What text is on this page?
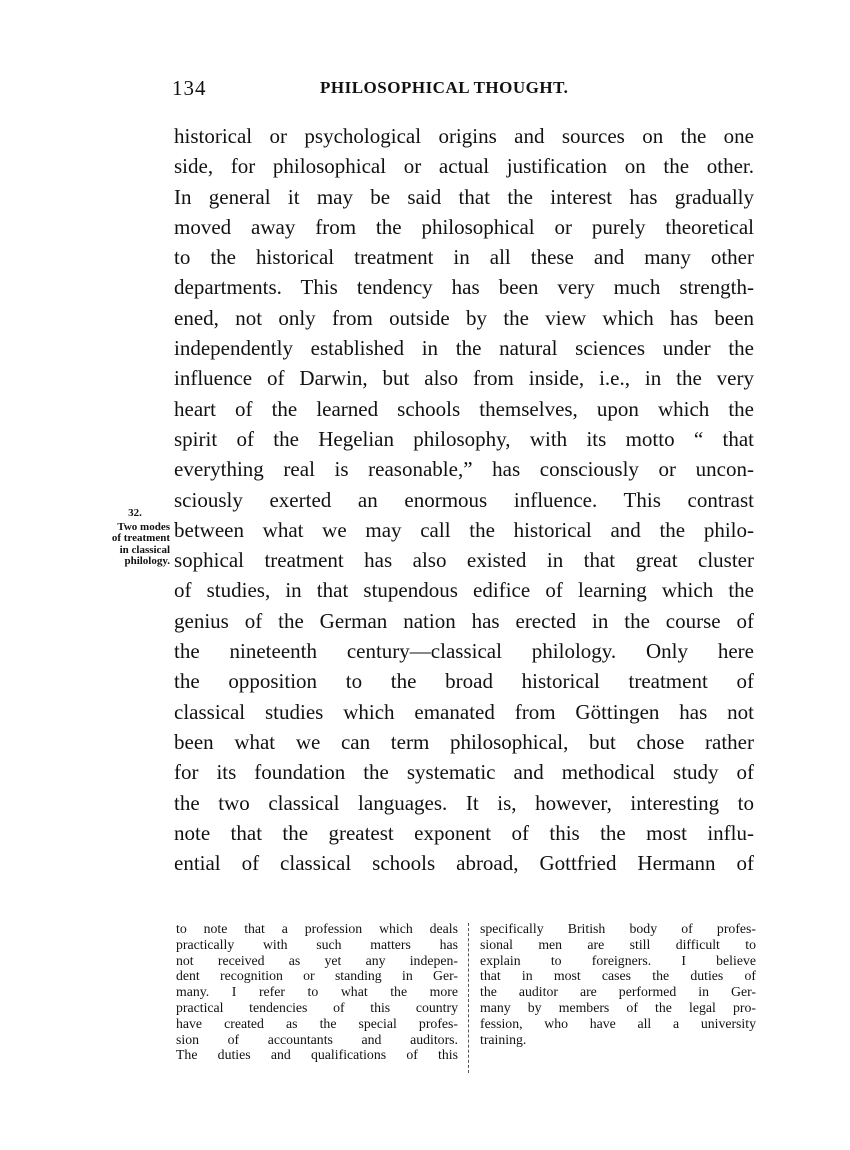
134	PHILOSOPHICAL THOUGHT.
32.
Two modes
of treatment
in classical
philology.
historical or psychological origins and sources on the one
side, for philosophical or actual justification on the other.
In general it may be said that the interest has gradually
moved away from the philosophical or purely theoretical
to the historical treatment in all these and many other
departments. This tendency has been very much strength-
ened, not only from outside by the view which has been
independently established in the natural sciences under the
influence of Darwin, but also from inside, i.e., in the very
heart of the learned schools themselves, upon which the
spirit of the Hegelian philosophy, with its motto “ that
everything real is reasonable,” has consciously or uncon-
sciously exerted an enormous influence. This contrast
between what we may call the historical and the philo-
sophical treatment has also existed in that great cluster
of studies, in that stupendous edifice of learning which the
genius of the German nation has erected in the course of
the nineteenth century—classical philology. Only here
the opposition to the broad historical treatment of
classical studies which emanated from Göttingen has not
been what we can term philosophical, but chose rather
for its foundation the systematic and methodical study of
the two classical languages. It is, however, interesting to
note that the greatest exponent of this the most influ-
ential of classical schools abroad, Gottfried Hermann of
to note that a profession which deals
practically with such matters has
not received as yet any indepen-
dent recognition or standing in Ger-
many. I refer to what the more
practical tendencies of this country
have created as the special profes-
sion of accountants and auditors.
The duties and qualifications of this
specifically British body of profes-
sional men are still difficult to
explain to foreigners. I believe
that in most cases the duties of
the auditor are performed in Ger-
many by members of the legal pro-
fession, who have all a university
training.
